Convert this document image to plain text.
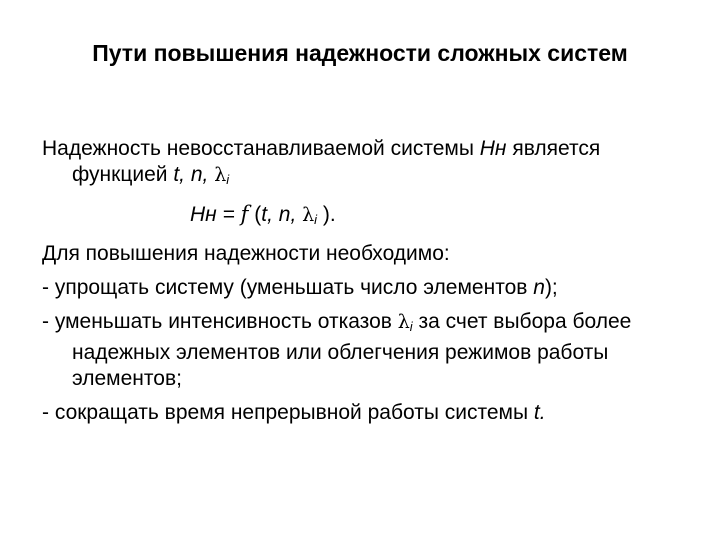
Пути повышения надежности сложных систем

Надежность невосстанавливаемой системы Нн является функцией t, n, $\lambda_i$

Нн = f (t, n, $\lambda_i$ ).

Для повышения надежности необходимо:

- упрощать систему (уменьшать число элементов n);

- уменьшать интенсивность отказов $\lambda_i$ за счет выбора более надежных элементов или облегчения режимов работы элементов;

- сокращать время непрерывной работы системы t.
